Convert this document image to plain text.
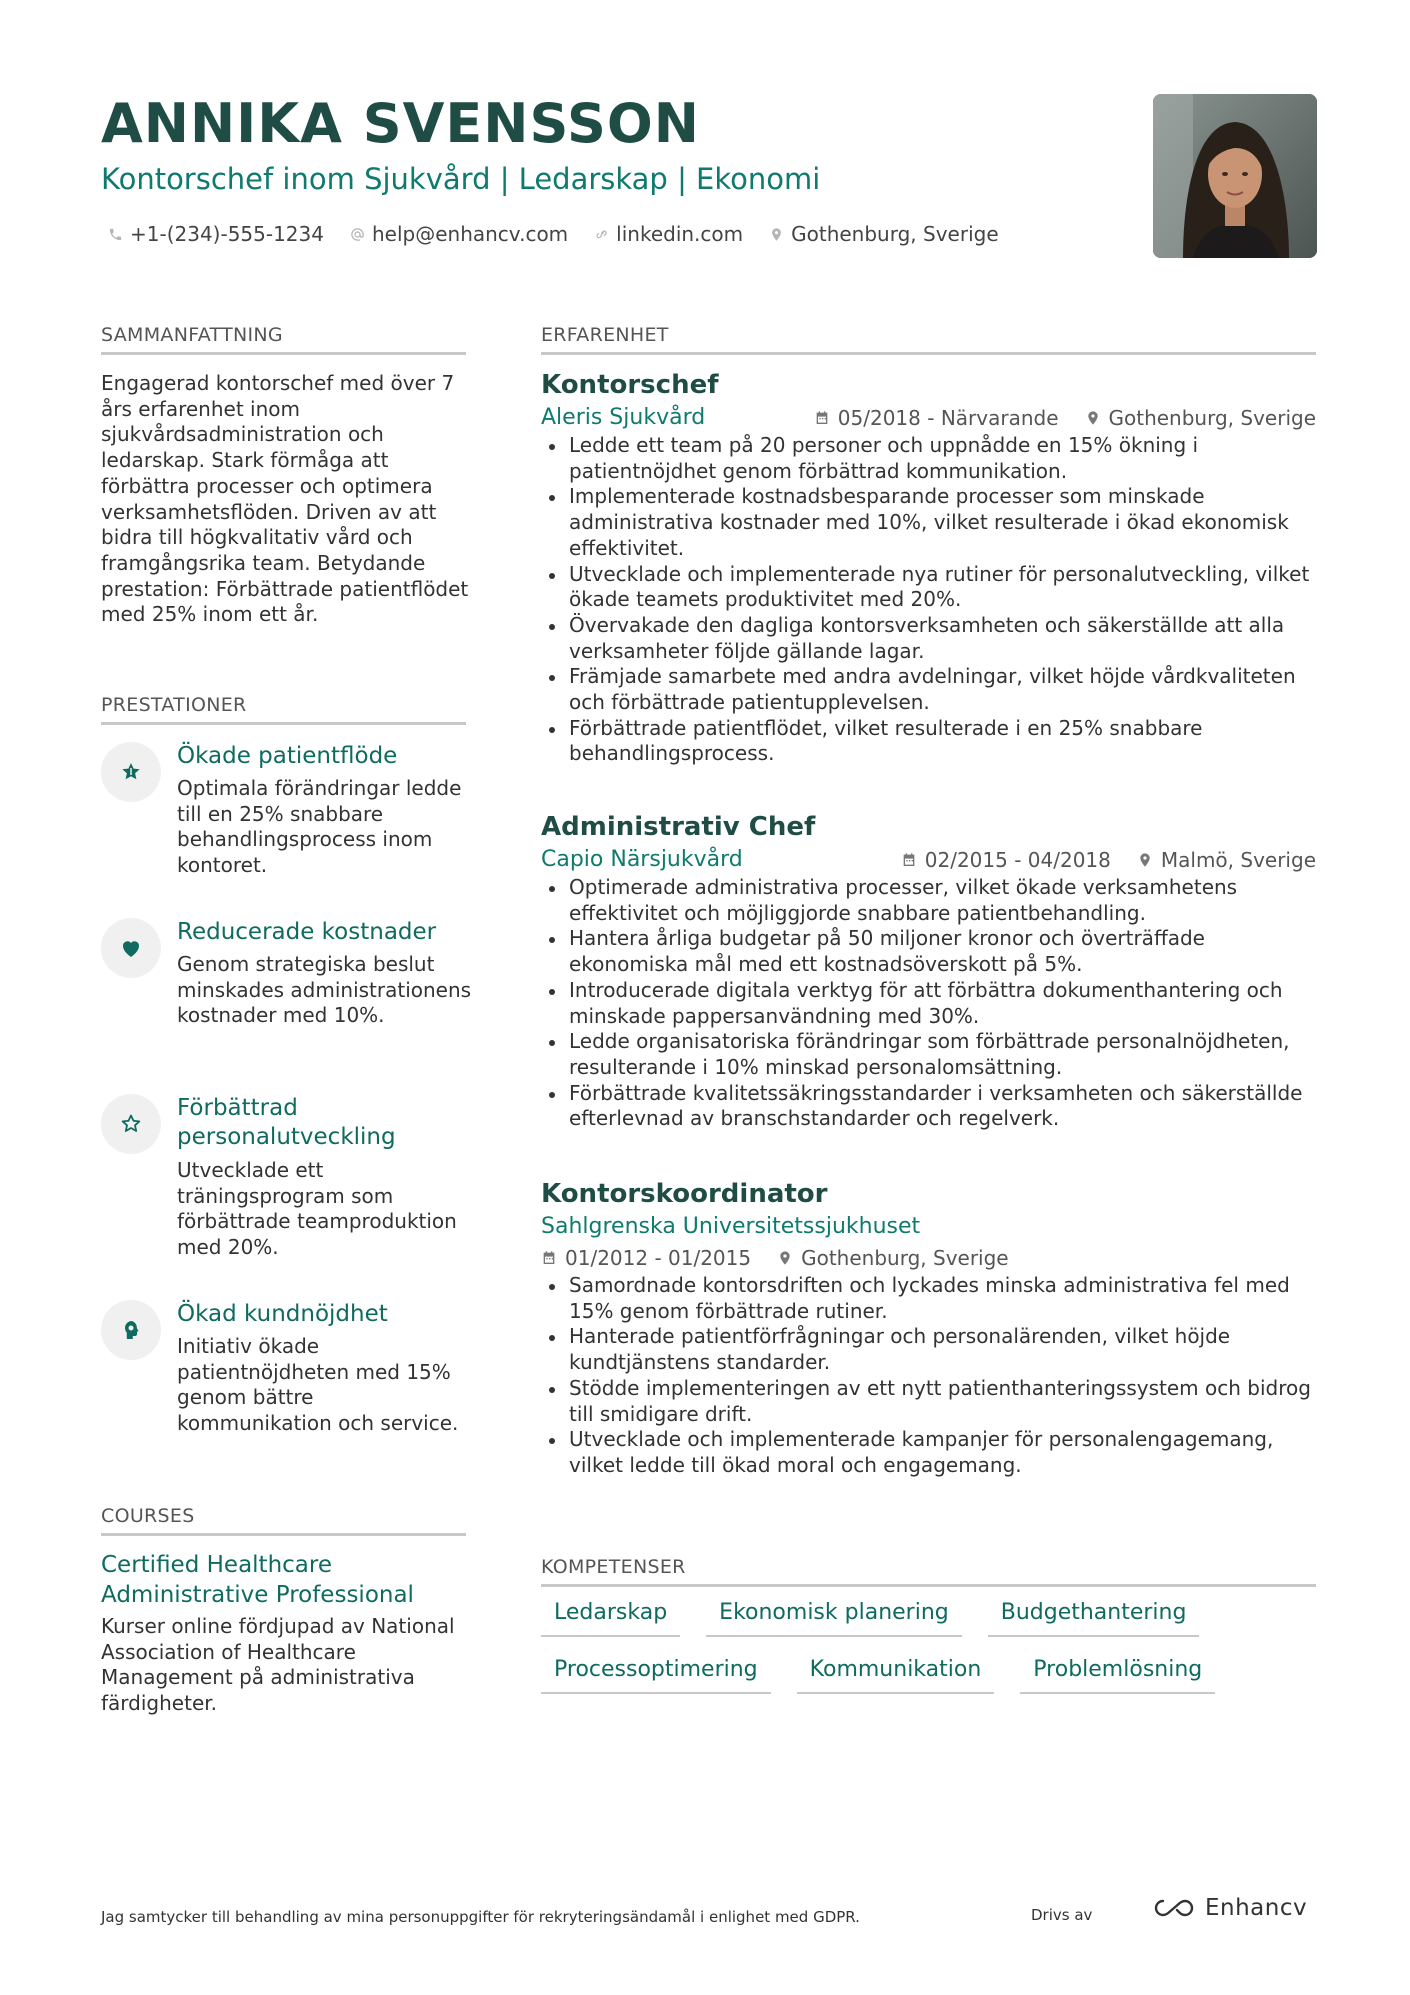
ANNIKA SVENSSON
Kontorschef inom Sjukvård | Ledarskap | Ekonomi
+1-(234)-555-1234 help@enhancv.com linkedin.com Gothenburg, Sverige
SAMMANFATTNING
Engagerad kontorschef med över 7 års erfarenhet inom sjukvårdsadministration och ledarskap. Stark förmåga att förbättra processer och optimera verksamhetsflöden. Driven av att bidra till högkvalitativ vård och framgångsrika team. Betydande prestation: Förbättrade patientflödet med 25% inom ett år.
PRESTATIONER
Ökade patientflöde
Optimala förändringar ledde till en 25% snabbare behandlingsprocess inom kontoret.
Reducerade kostnader
Genom strategiska beslut minskades administrationens kostnader med 10%.
Förbättrad personalutveckling
Utvecklade ett träningsprogram som förbättrade teamproduktion med 20%.
Ökad kundnöjdhet
Initiativ ökade patientnöjdheten med 15% genom bättre kommunikation och service.
COURSES
Certified Healthcare Administrative Professional
Kurser online fördjupad av National Association of Healthcare Management på administrativa färdigheter.
ERFARENHET
Kontorschef
Aleris Sjukvård	05/2018 - Närvarande	Gothenburg, Sverige
Ledde ett team på 20 personer och uppnådde en 15% ökning i patientnöjdhet genom förbättrad kommunikation.
Implementerade kostnadsbesparande processer som minskade administrativa kostnader med 10%, vilket resulterade i ökad ekonomisk effektivitet.
Utvecklade och implementerade nya rutiner för personalutveckling, vilket ökade teamets produktivitet med 20%.
Övervakade den dagliga kontorsverksamheten och säkerställde att alla verksamheter följde gällande lagar.
Främjade samarbete med andra avdelningar, vilket höjde vårdkvaliteten och förbättrade patientupplevelsen.
Förbättrade patientflödet, vilket resulterade i en 25% snabbare behandlingsprocess.
Administrativ Chef
Capio Närsjukvård	02/2015 - 04/2018	Malmö, Sverige
Optimerade administrativa processer, vilket ökade verksamhetens effektivitet och möjliggjorde snabbare patientbehandling.
Hantera årliga budgetar på 50 miljoner kronor och överträffade ekonomiska mål med ett kostnadsöverskott på 5%.
Introducerade digitala verktyg för att förbättra dokumenthantering och minskade pappersanvändning med 30%.
Ledde organisatoriska förändringar som förbättrade personalnöjdheten, resulterande i 10% minskad personalomsättning.
Förbättrade kvalitetssäkringsstandarder i verksamheten och säkerställde efterlevnad av branschstandarder och regelverk.
Kontorskoordinator
Sahlgrenska Universitetssjukhuset
01/2012 - 01/2015	Gothenburg, Sverige
Samordnade kontorsdriften och lyckades minska administrativa fel med 15% genom förbättrade rutiner.
Hanterade patientförfrågningar och personalärenden, vilket höjde kundtjänstens standarder.
Stödde implementeringen av ett nytt patienthanteringssystem och bidrog till smidigare drift.
Utvecklade och implementerade kampanjer för personalengagemang, vilket ledde till ökad moral och engagemang.
KOMPETENSER
Ledarskap	Ekonomisk planering	Budgethantering
Processoptimering	Kommunikation	Problemlösning
Jag samtycker till behandling av mina personuppgifter för rekryteringsändamål i enlighet med GDPR.	Drivs av	Enhancv
